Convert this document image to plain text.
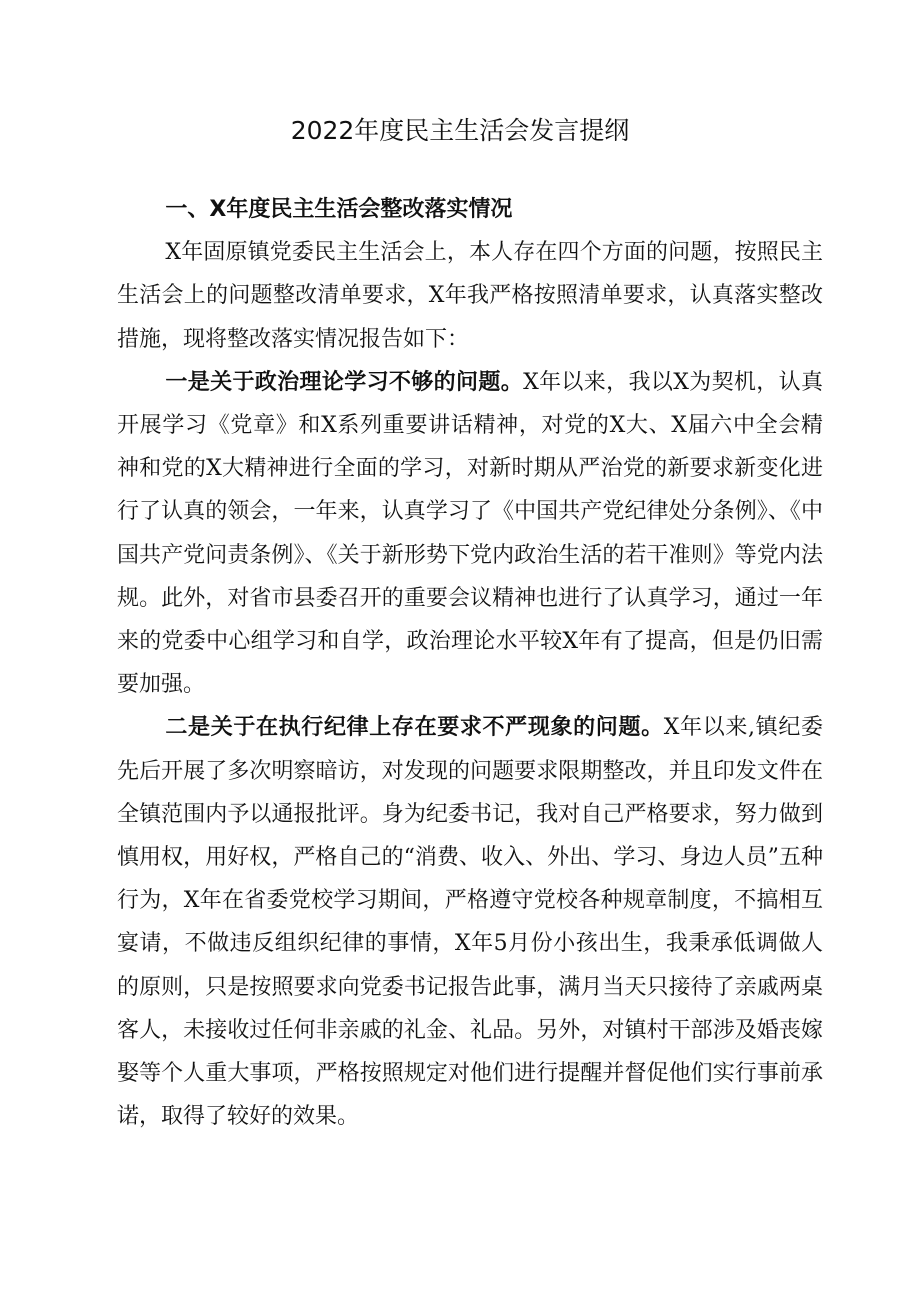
2022年度民主生活会发言提纲

一、X年度民主生活会整改落实情况

X年固原镇党委民主生活会上，本人存在四个方面的问题，按照民主生活会上的问题整改清单要求，X年我严格按照清单要求，认真落实整改措施，现将整改落实情况报告如下：

一是关于政治理论学习不够的问题。X年以来，我以X为契机，认真开展学习《党章》和X系列重要讲话精神，对党的X大、X届六中全会精神和党的X大精神进行全面的学习，对新时期从严治党的新要求新变化进行了认真的领会，一年来，认真学习了《中国共产党纪律处分条例》、《中国共产党问责条例》、《关于新形势下党内政治生活的若干准则》等党内法规。此外，对省市县委召开的重要会议精神也进行了认真学习，通过一年来的党委中心组学习和自学，政治理论水平较X年有了提高，但是仍旧需要加强。

二是关于在执行纪律上存在要求不严现象的问题。X年以来,镇纪委先后开展了多次明察暗访，对发现的问题要求限期整改，并且印发文件在全镇范围内予以通报批评。身为纪委书记，我对自己严格要求，努力做到慎用权，用好权，严格自己的“消费、收入、外出、学习、身边人员”五种行为，X年在省委党校学习期间，严格遵守党校各种规章制度，不搞相互宴请，不做违反组织纪律的事情，X年5月份小孩出生，我秉承低调做人的原则，只是按照要求向党委书记报告此事，满月当天只接待了亲戚两桌客人，未接收过任何非亲戚的礼金、礼品。另外，对镇村干部涉及婚丧嫁娶等个人重大事项，严格按照规定对他们进行提醒并督促他们实行事前承诺，取得了较好的效果。
